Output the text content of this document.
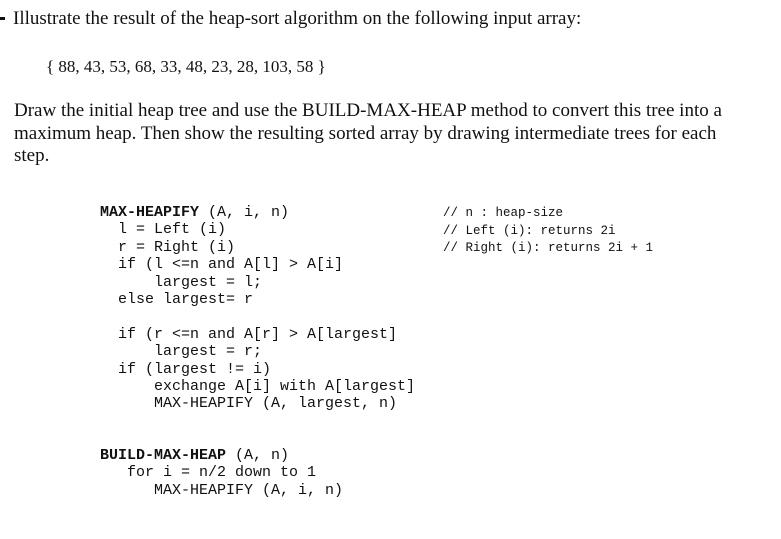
Illustrate the result of the heap-sort algorithm on the following input array:
{ 88, 43, 53, 68, 33, 48, 23, 28, 103, 58 }
Draw the initial heap tree and use the BUILD-MAX-HEAP method to convert this tree into a
maximum heap. Then show the resulting sorted array by drawing intermediate trees for each
step.
MAX-HEAPIFY (A, i, n)
l = Left (i)
r = Right (i)
if (l <=n and A[l] > A[i]
largest = l;
else largest= r
if (r <=n and A[r] > A[largest]
largest = r;
if (largest != i)
exchange A[i] with A[largest]
MAX-HEAPIFY (A, largest, n)
// n : heap-size
// Left (i): returns 2i
// Right (i): returns 2i + 1
BUILD-MAX-HEAP (A, n)
for i = n/2 down to 1
MAX-HEAPIFY (A, i, n)
